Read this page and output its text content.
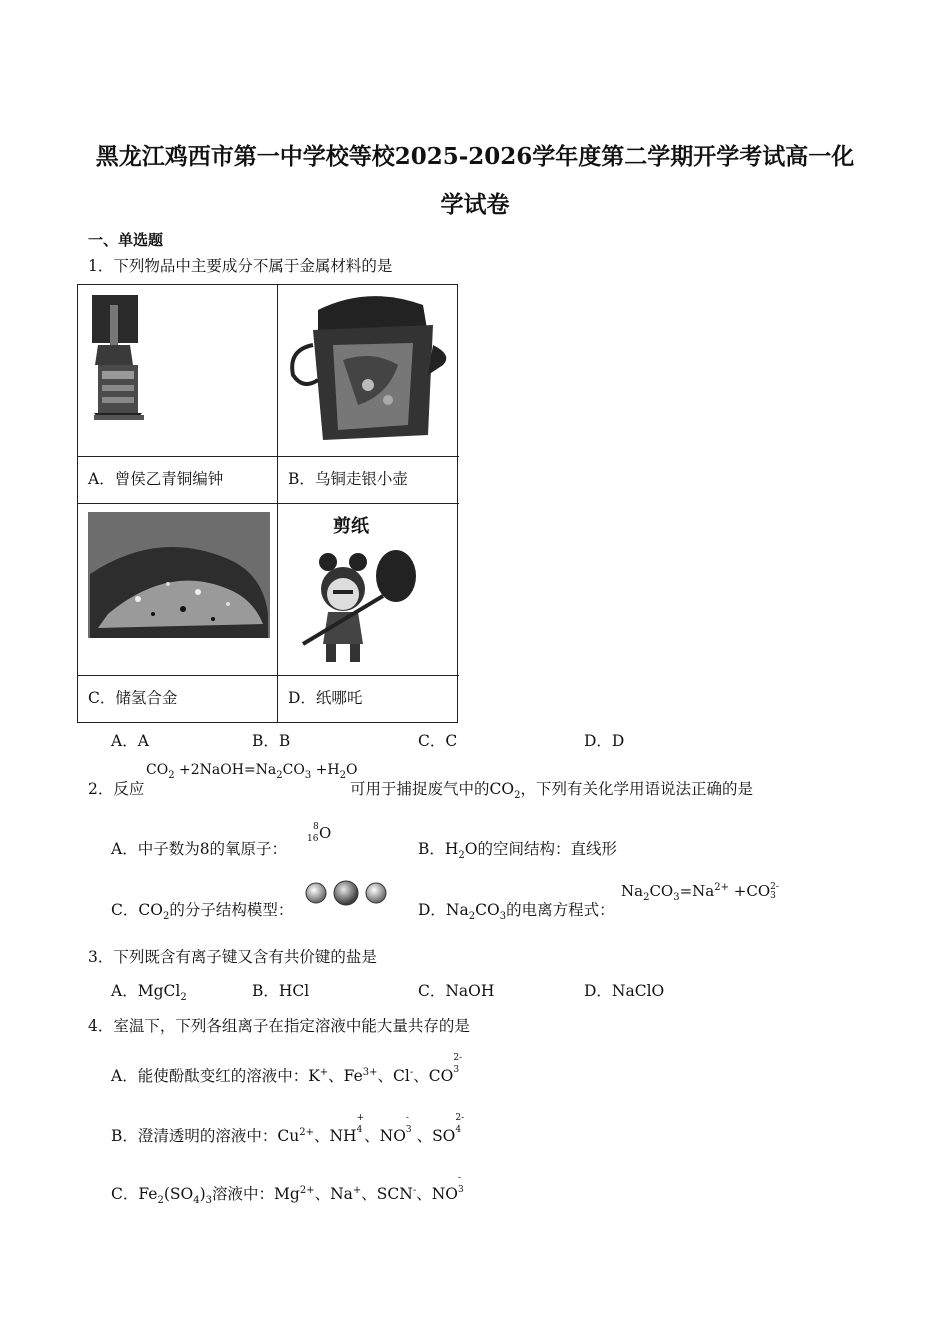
黑龙江鸡西市第一中学校等校2025-2026学年度第二学期开学考试高一化
学试卷
一、单选题
1．下列物品中主要成分不属于金属材料的是
A．曾侯乙青铜编钟	B．乌铜走银小壶
剪纸
C．储氢合金	D．纸哪吒
A．A	B．B	C．C	D．D
2．反应
$CO_2$ $+2NaOH=Na_2CO_3 +H_2O$
可用于捕捉废气中的$CO_2$，下列有关化学用语说法正确的是
A．中子数为8的氧原子：
8
16 O
B．$H_2O$的空间结构：直线形
C．$CO_2$的分子结构模型：	D．$Na_2CO_3$的电离方程式：
$Na_2CO_3=Na^{2+} +CO$ 2-
3
3．下列既含有离子键又含有共价键的盐是
A．MgCl$_2$	B．HCl	C．NaOH	D．NaClO
4．室温下，下列各组离子在指定溶液中能大量共存的是
A．能使酚酞变红的溶液中：K+、$Fe^{3+}$、Cl-、CO
2-
3
B．澄清透明的溶液中：$Cu^{2+}$、NH
+
4 、NO
-
3 、SO
2-
4
C．$Fe_2(SO_4)_3$溶液中：$Mg^{2+}$、Na+、SCN-、NO
-
3
